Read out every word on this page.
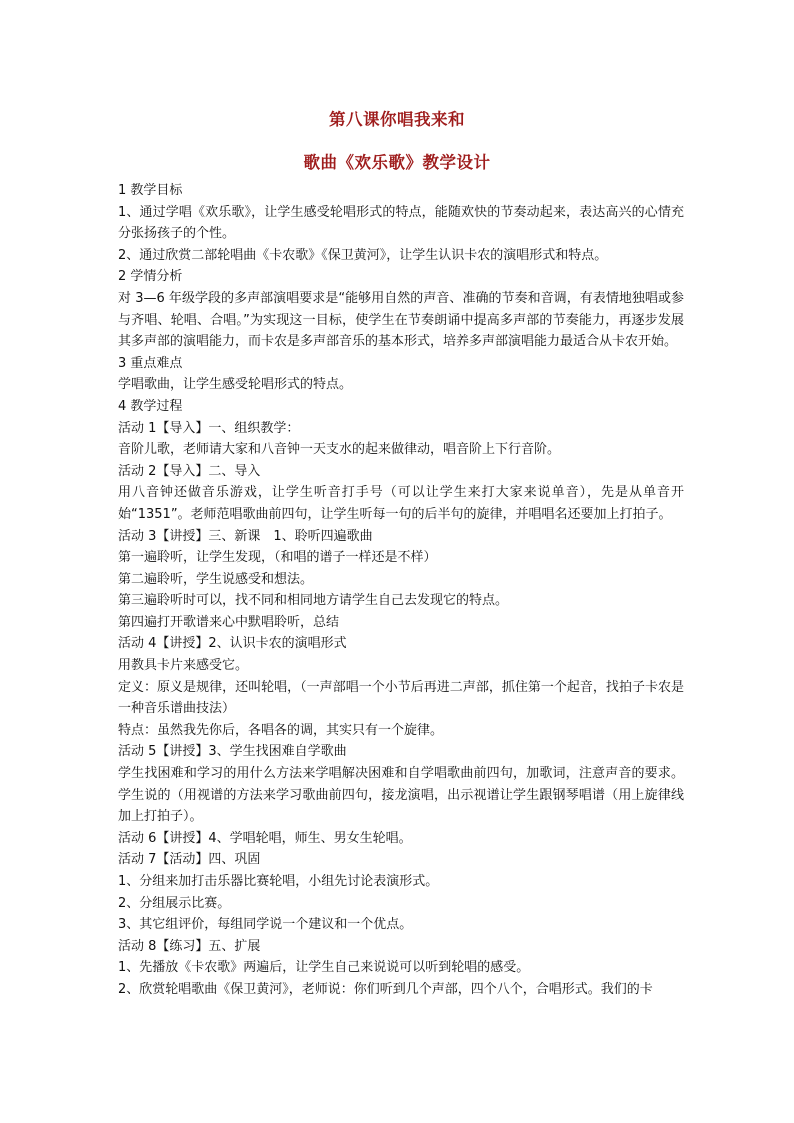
第八课你唱我来和
歌曲《欢乐歌》教学设计

1 教学目标

1、通过学唱《欢乐歌》，让学生感受轮唱形式的特点，能随欢快的节奏动起来，表达高兴的心情充分张扬孩子的个性。

2、通过欣赏二部轮唱曲《卡农歌》《保卫黄河》，让学生认识卡农的演唱形式和特点。

2 学情分析

对 3—6 年级学段的多声部演唱要求是“能够用自然的声音、准确的节奏和音调，有表情地独唱或参与齐唱、轮唱、合唱。”为实现这一目标，使学生在节奏朗诵中提高多声部的节奏能力，再逐步发展其多声部的演唱能力，而卡农是多声部音乐的基本形式，培养多声部演唱能力最适合从卡农开始。

3 重点难点

学唱歌曲，让学生感受轮唱形式的特点。

4 教学过程

活动 1【导入】一、组织教学：

音阶儿歌，老师请大家和八音钟一天支水的起来做律动，唱音阶上下行音阶。

活动 2【导入】二、导入

用八音钟还做音乐游戏，让学生听音打手号（可以让学生来打大家来说单音），先是从单音开始“1351”。老师范唱歌曲前四句，让学生听每一句的后半句的旋律，并唱唱名还要加上打拍子。

活动 3【讲授】三、新课　1、聆听四遍歌曲

第一遍聆听，让学生发现，（和唱的谱子一样还是不样）

第二遍聆听，学生说感受和想法。

第三遍聆听时可以，找不同和相同地方请学生自己去发现它的特点。

第四遍打开歌谱来心中默唱聆听，总结

活动 4【讲授】2、认识卡农的演唱形式

用教具卡片来感受它。

定义：原义是规律，还叫轮唱，（一声部唱一个小节后再进二声部，抓住第一个起音，找拍子卡农是一种音乐谱曲技法）

特点：虽然我先你后，各唱各的调，其实只有一个旋律。

活动 5【讲授】3、学生找困难自学歌曲

学生找困难和学习的用什么方法来学唱解决困难和自学唱歌曲前四句，加歌词，注意声音的要求。学生说的（用视谱的方法来学习歌曲前四句，接龙演唱，出示视谱让学生跟钢琴唱谱（用上旋律线加上打拍子）。

活动 6【讲授】4、学唱轮唱，师生、男女生轮唱。

活动 7【活动】四、巩固

1、分组来加打击乐器比赛轮唱，小组先讨论表演形式。

2、分组展示比赛。

3、其它组评价，每组同学说一个建议和一个优点。

活动 8【练习】五、扩展

1、先播放《卡农歌》两遍后，让学生自己来说说可以听到轮唱的感受。

2、欣赏轮唱歌曲《保卫黄河》，老师说：你们听到几个声部，四个八个，合唱形式。我们的卡
